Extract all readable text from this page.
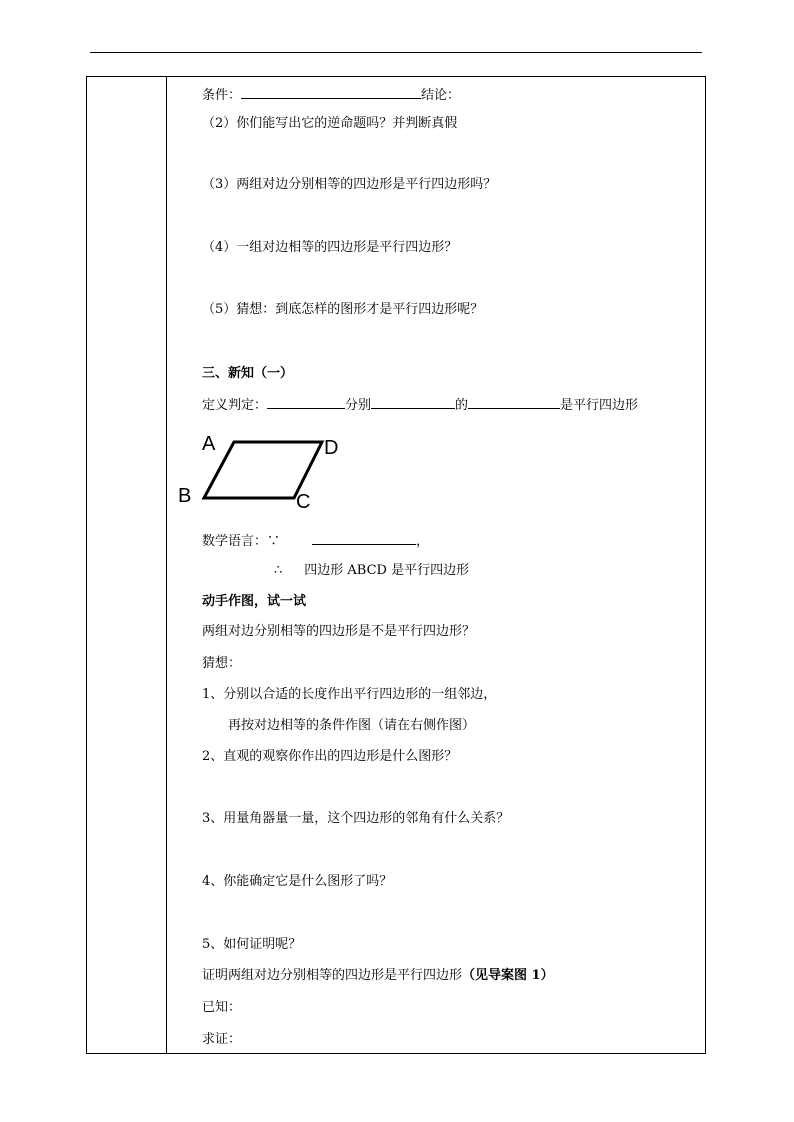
条件：	结论：
（2）你们能写出它的逆命题吗？并判断真假
（3）两组对边分别相等的四边形是平行四边形吗？
（4）一组对边相等的四边形是平行四边形？
（5）猜想：到底怎样的图形才是平行四边形呢？
三、新知（一）
定义判定：	分别	的	是平行四边形
数学语言：∵	，
∴ 四边形 ABCD 是平行四边形
动手作图，试一试
两组对边分别相等的四边形是不是平行四边形？
猜想：
1、分别以合适的长度作出平行四边形的一组邻边，
再按对边相等的条件作图（请在右侧作图）
2、直观的观察你作出的四边形是什么图形？
3、用量角器量一量，这个四边形的邻角有什么关系？
4、你能确定它是什么图形了吗？
5、如何证明呢？
证明两组对边分别相等的四边形是平行四边形（见导案图 1）
已知：
求证：
A	D
B	C
